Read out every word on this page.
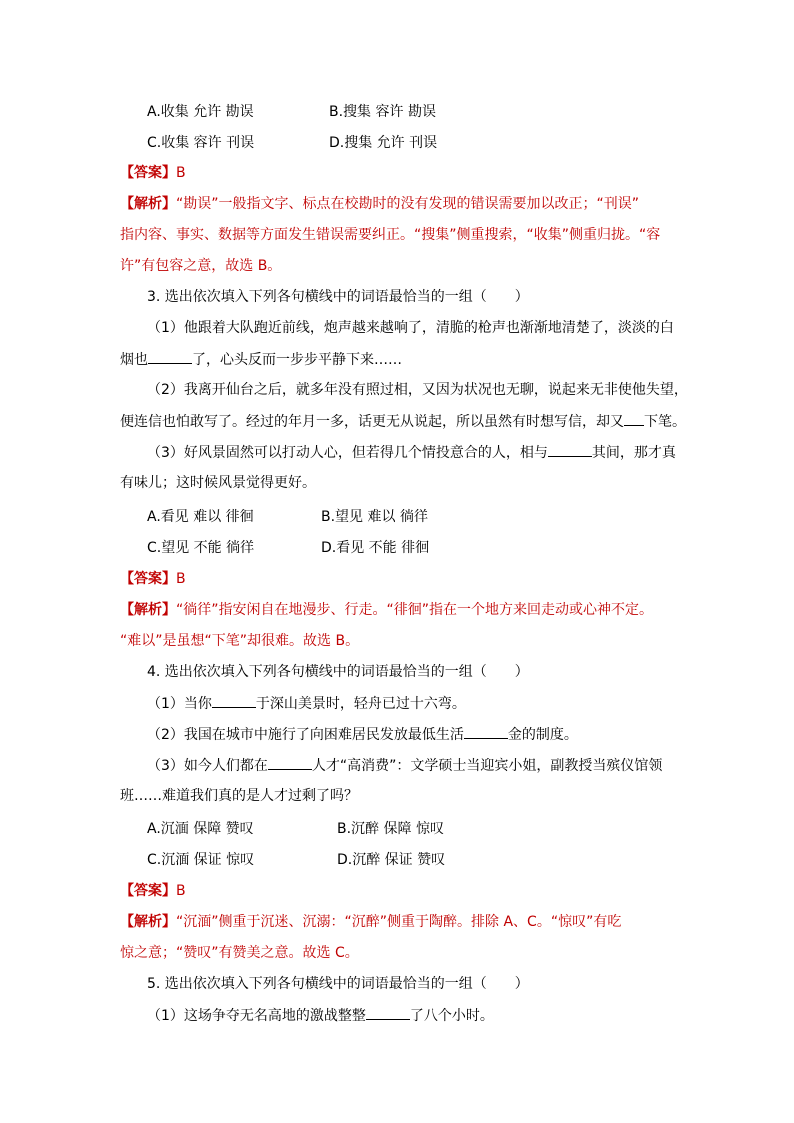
A.收集 允许 勘误	B.搜集 容许 勘误
C.收集 容许 刊误	D.搜集 允许 刊误
【答案】B
【解析】“勘误”一般指文字、标点在校勘时的没有发现的错误需要加以改正；“刊误”
指内容、事实、数据等方面发生错误需要纠正。“搜集”侧重搜索，“收集”侧重归拢。“容
许”有包容之意，故选 B。
3. 选出依次填入下列各句横线中的词语最恰当的一组（　　）
（1）他跟着大队跑近前线，炮声越来越响了，清脆的枪声也渐渐地清楚了，淡淡的白
烟也	了，心头反而一步步平静下来……
（2）我离开仙台之后，就多年没有照过相，又因为状况也无聊，说起来无非使他失望，
便连信也怕敢写了。经过的年月一多，话更无从说起，所以虽然有时想写信，却又 下笔。
（3）好风景固然可以打动人心，但若得几个情投意合的人，相与	其间，那才真
有味儿；这时候风景觉得更好。
A.看见 难以 徘徊	B.望见 难以 徜徉
C.望见 不能 徜徉	D.看见 不能 徘徊
【答案】B
【解析】“徜徉”指安闲自在地漫步、行走。“徘徊”指在一个地方来回走动或心神不定。
“难以”是虽想“下笔”却很难。故选 B。
4. 选出依次填入下列各句横线中的词语最恰当的一组（　　）
（1）当你	于深山美景时，轻舟已过十六弯。
（2）我国在城市中施行了向困难居民发放最低生活	金的制度。
（3）如今人们都在	人才“高消费”：文学硕士当迎宾小姐，副教授当殡仪馆领
班……难道我们真的是人才过剩了吗？
A.沉湎 保障 赞叹	B.沉醉 保障 惊叹
C.沉湎 保证 惊叹	D.沉醉 保证 赞叹
【答案】B
【解析】“沉湎”侧重于沉迷、沉溺：“沉醉”侧重于陶醉。排除 A、C。“惊叹”有吃
惊之意；“赞叹”有赞美之意。故选 C。
5. 选出依次填入下列各句横线中的词语最恰当的一组（　　）
（1）这场争夺无名高地的激战整整	了八个小时。
